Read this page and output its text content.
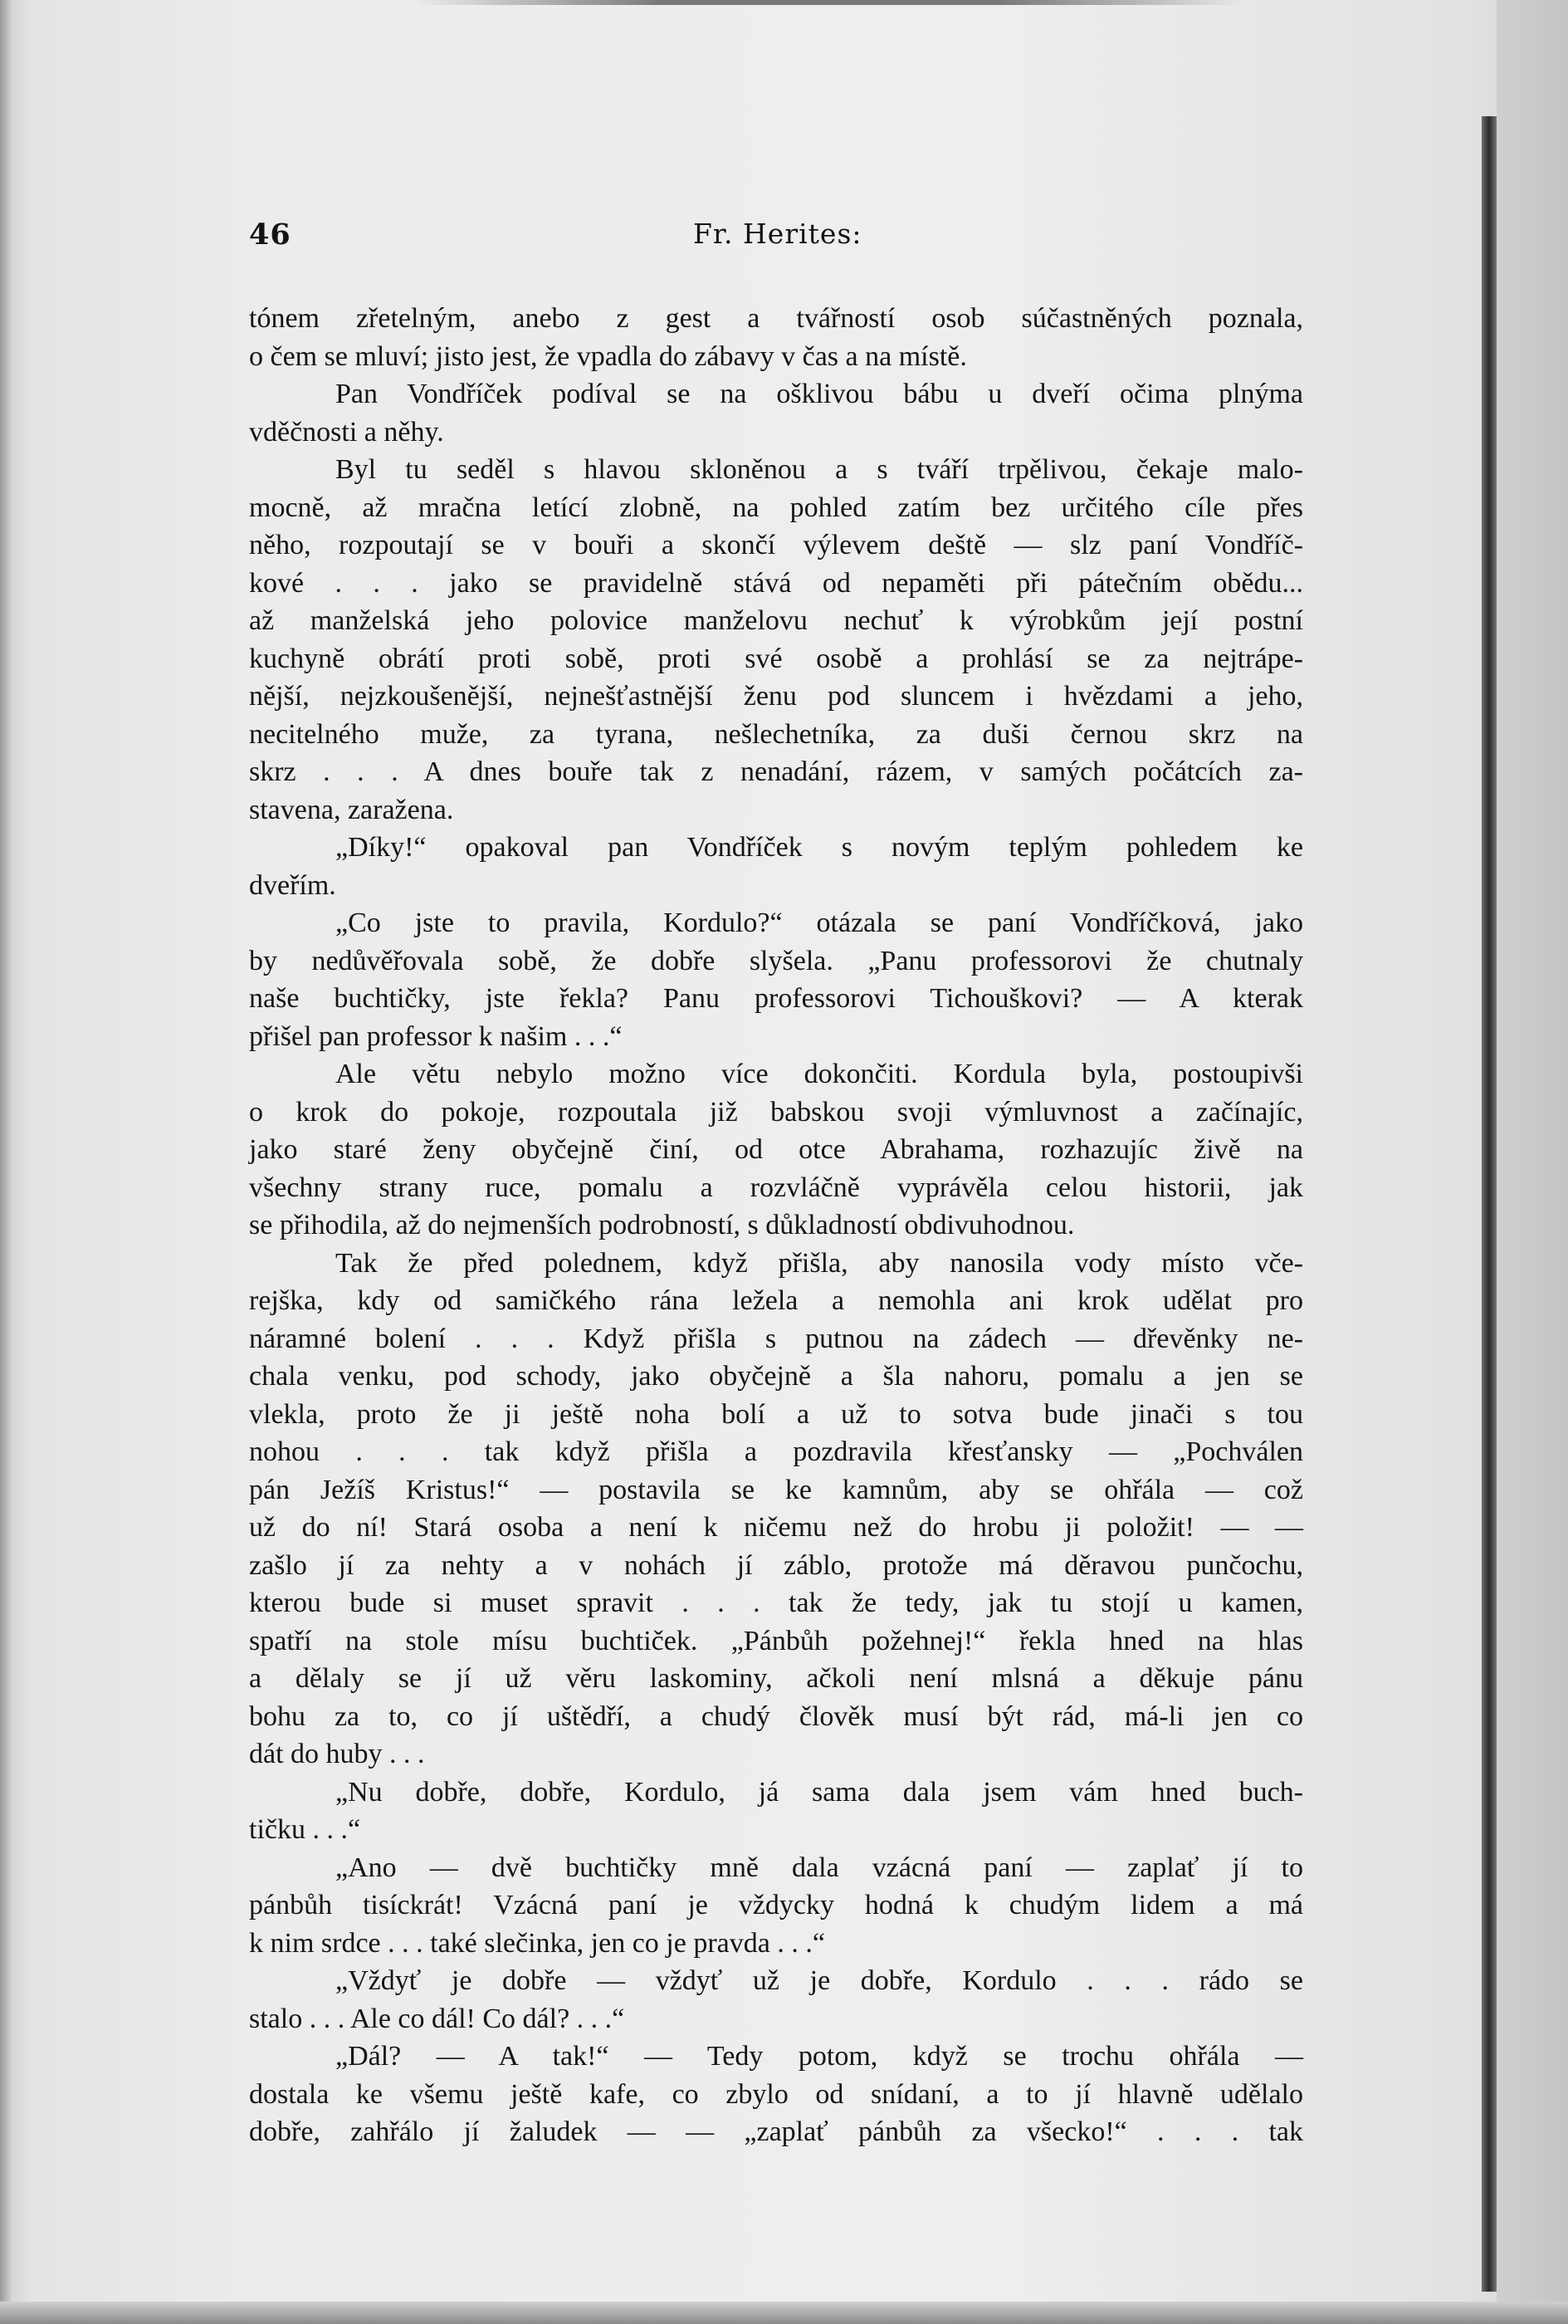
46	Fr. Herites:
tónem zřetelným, anebo z gest a tvářností osob súčastněných poznala,
o čem se mluví; jisto jest, že vpadla do zábavy v čas a na místě.
Pan Vondříček podíval se na ošklivou bábu u dveří očima plnýma
vděčnosti a něhy.
Byl tu seděl s hlavou skloněnou a s tváří trpělivou, čekaje malo-
mocně, až mračna letící zlobně, na pohled zatím bez určitého cíle přes
něho, rozpoutají se v bouři a skončí výlevem deště — slz paní Vondříč-
kové . . . jako se pravidelně stává od nepaměti při pátečním obědu...
až manželská jeho polovice manželovu nechuť k výrobkům její postní
kuchyně obrátí proti sobě, proti své osobě a prohlásí se za nejtrápe-
nější, nejzkoušenější, nejnešťastnější ženu pod sluncem i hvězdami a jeho,
necitelného muže, za tyrana, nešlechetníka, za duši černou skrz na
skrz . . . A dnes bouře tak z nenadání, rázem, v samých počátcích za-
stavena, zaražena.
„Díky!“ opakoval pan Vondříček s novým teplým pohledem ke
dveřím.
„Co jste to pravila, Kordulo?“ otázala se paní Vondříčková, jako
by nedůvěřovala sobě, že dobře slyšela. „Panu professorovi že chutnaly
naše buchtičky, jste řekla? Panu professorovi Tichouškovi? — A kterak
přišel pan professor k našim . . .“
Ale větu nebylo možno více dokončiti. Kordula byla, postoupivši
o krok do pokoje, rozpoutala již babskou svoji výmluvnost a začínajíc,
jako staré ženy obyčejně činí, od otce Abrahama, rozhazujíc živě na
všechny strany ruce, pomalu a rozvláčně vyprávěla celou historii, jak
se přihodila, až do nejmenších podrobností, s důkladností obdivuhodnou.
Tak že před polednem, když přišla, aby nanosila vody místo vče-
rejška, kdy od samičkého rána ležela a nemohla ani krok udělat pro
náramné bolení . . . Když přišla s putnou na zádech — dřevěnky ne-
chala venku, pod schody, jako obyčejně a šla nahoru, pomalu a jen se
vlekla, proto že ji ještě noha bolí a už to sotva bude jinači s tou
nohou . . . tak když přišla a pozdravila křesťansky — „Pochválen
pán Ježíš Kristus!“ — postavila se ke kamnům, aby se ohřála — což
už do ní! Stará osoba a není k ničemu než do hrobu ji položit! — —
zašlo jí za nehty a v nohách jí záblo, protože má děravou punčochu,
kterou bude si muset spravit . . . tak že tedy, jak tu stojí u kamen,
spatří na stole mísu buchtiček. „Pánbůh požehnej!“ řekla hned na hlas
a dělaly se jí už věru laskominy, ačkoli není mlsná a děkuje pánu
bohu za to, co jí uštědří, a chudý člověk musí být rád, má-li jen co
dát do huby . . .
„Nu dobře, dobře, Kordulo, já sama dala jsem vám hned buch-
tičku . . .“
„Ano — dvě buchtičky mně dala vzácná paní — zaplať jí to
pánbůh tisíckrát! Vzácná paní je vždycky hodná k chudým lidem a má
k nim srdce . . . také slečinka, jen co je pravda . . .“
„Vždyť je dobře — vždyť už je dobře, Kordulo . . . rádo se
stalo . . . Ale co dál! Co dál? . . .“
„Dál? — A tak!“ — Tedy potom, když se trochu ohřála —
dostala ke všemu ještě kafe, co zbylo od snídaní, a to jí hlavně udělalo
dobře, zahřálo jí žaludek — — „zaplať pánbůh za všecko!“ . . . tak
